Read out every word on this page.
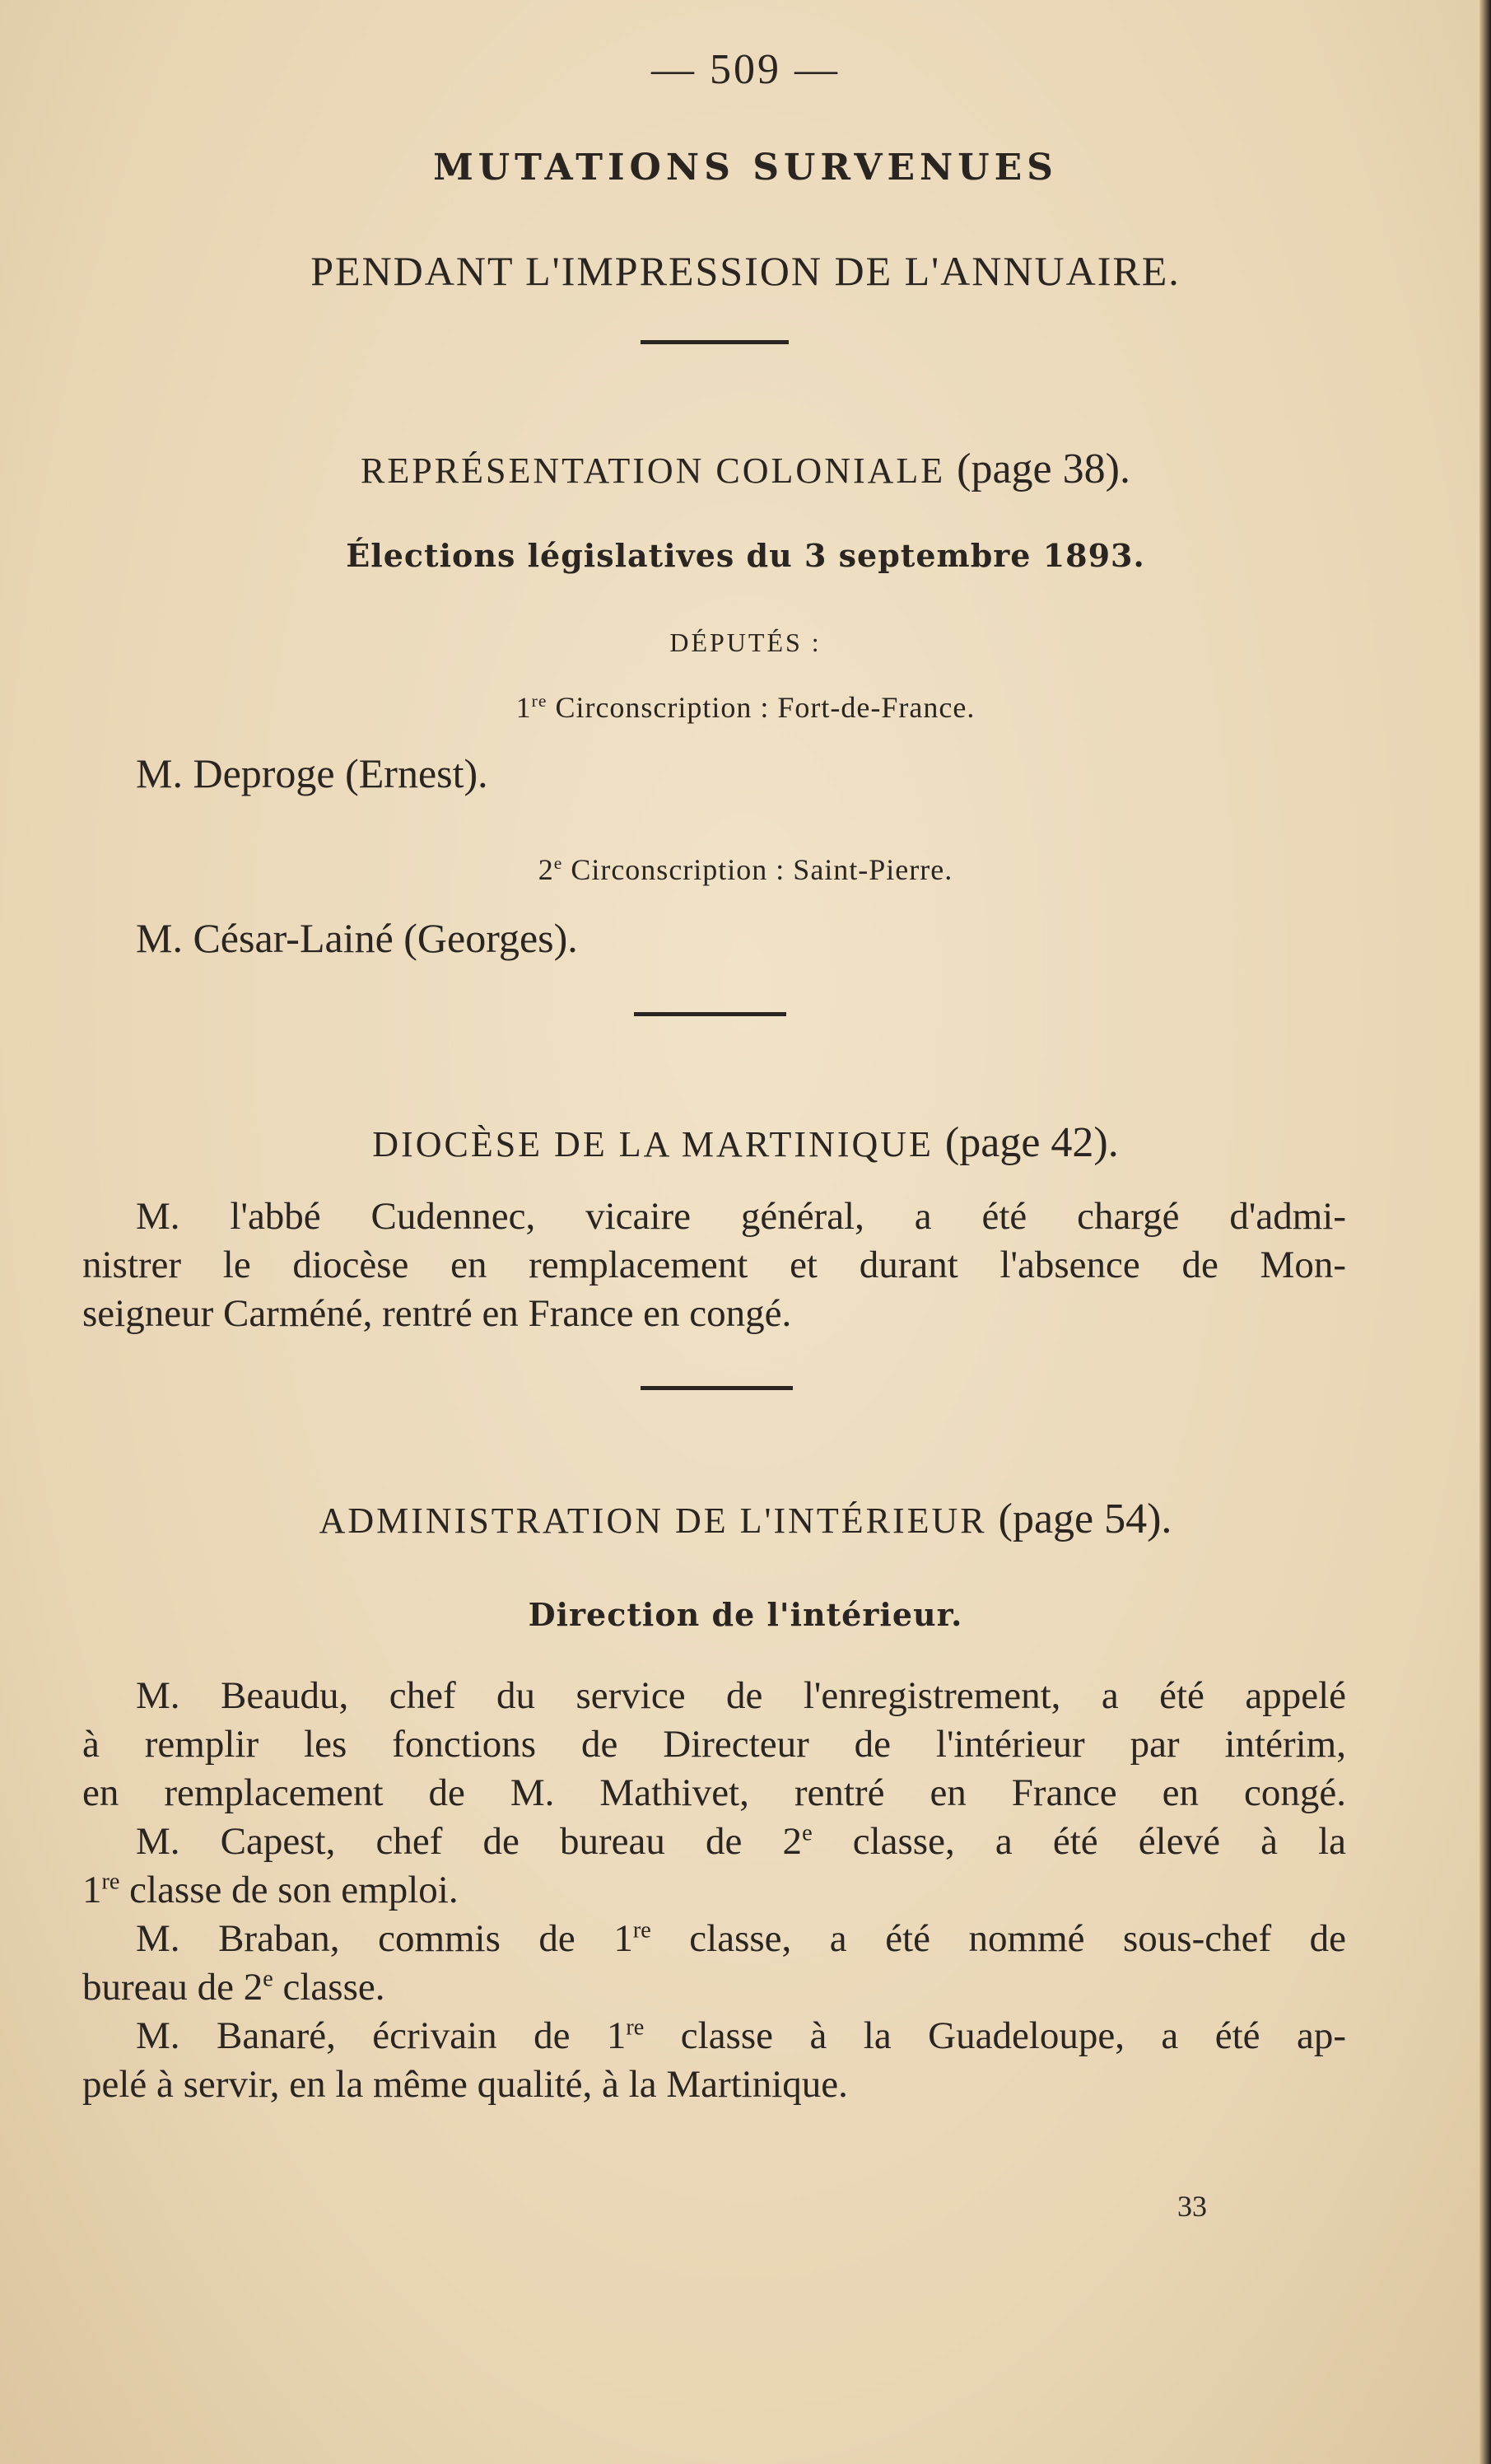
— 509 —
MUTATIONS SURVENUES
PENDANT L'IMPRESSION DE L'ANNUAIRE.
REPRÉSENTATION COLONIALE (page 38).
Élections législatives du 3 septembre 1893.
DÉPUTÉS :
1re Circonscription : Fort-de-France.
M. Deproge (Ernest).
2e Circonscription : Saint-Pierre.
M. César-Lainé (Georges).
DIOCÈSE DE LA MARTINIQUE (page 42).
M. l'abbé Cudennec, vicaire général, a été chargé d'admi-
nistrer le diocèse en remplacement et durant l'absence de Mon-
seigneur Carméné, rentré en France en congé.
ADMINISTRATION DE L'INTÉRIEUR (page 54).
Direction de l'intérieur.
M. Beaudu, chef du service de l'enregistrement, a été appelé
à remplir les fonctions de Directeur de l'intérieur par intérim,
en remplacement de M. Mathivet, rentré en France en congé.
M. Capest, chef de bureau de 2e classe, a été élevé à la
1re classe de son emploi.
M. Braban, commis de 1re classe, a été nommé sous-chef de
bureau de 2e classe.
M. Banaré, écrivain de 1re classe à la Guadeloupe, a été ap-
pelé à servir, en la même qualité, à la Martinique.
33
